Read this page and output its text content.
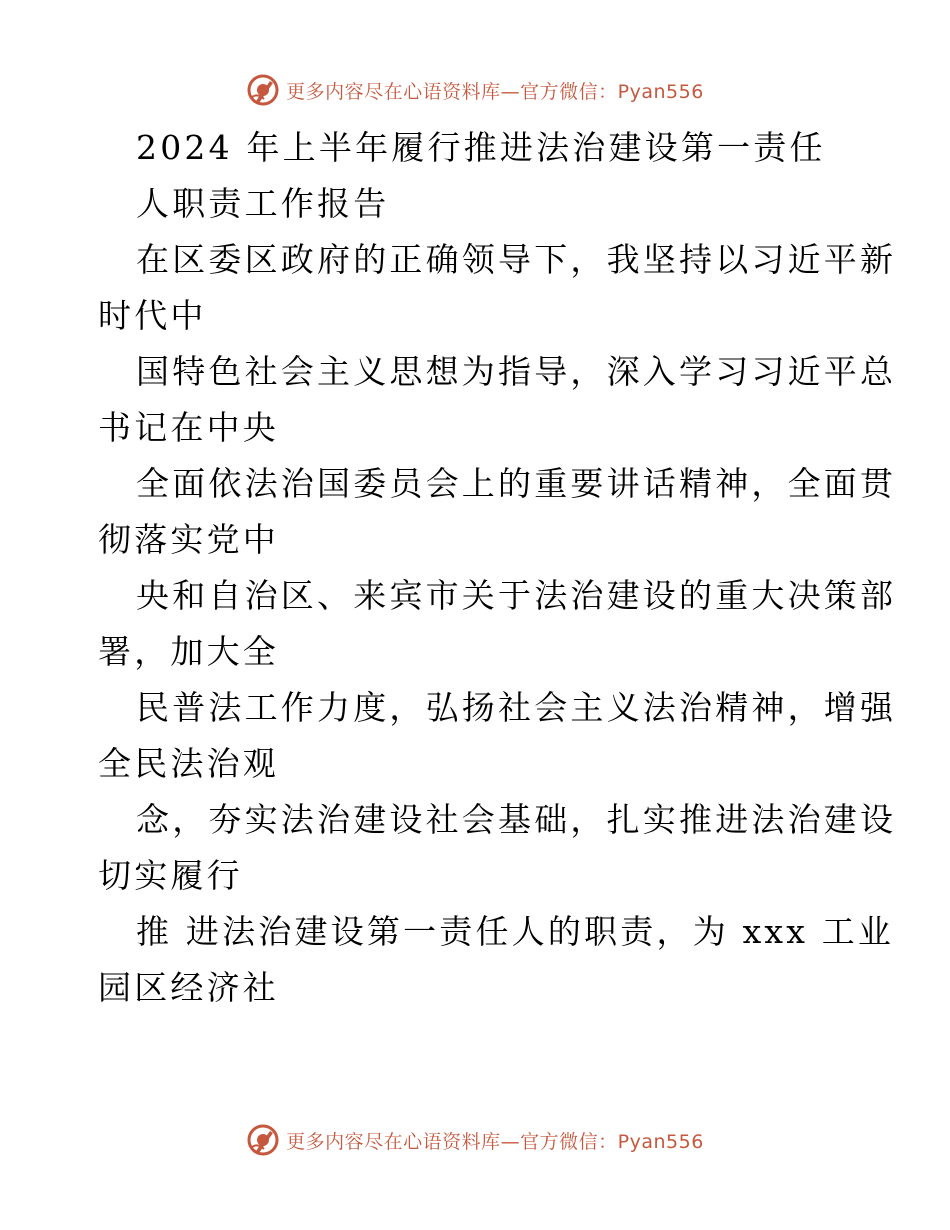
更多内容尽在心语资料库—官方微信：Pyan556
2024 年上半年履行推进法治建设第一责任
人职责工作报告
在区委区政府的正确领导下，我坚持以习近平新
时代中
国特色社会主义思想为指导，深入学习习近平总
书记在中央
全面依法治国委员会上的重要讲话精神，全面贯
彻落实党中
央和自治区、来宾市关于法治建设的重大决策部
署，加大全
民普法工作力度，弘扬社会主义法治精神，增强
全民法治观
念，夯实法治建设社会基础，扎实推进法治建设
切实履行
推 进法治建设第一责任人的职责，为 xxx 工业
园区经济社
更多内容尽在心语资料库—官方微信：Pyan556
